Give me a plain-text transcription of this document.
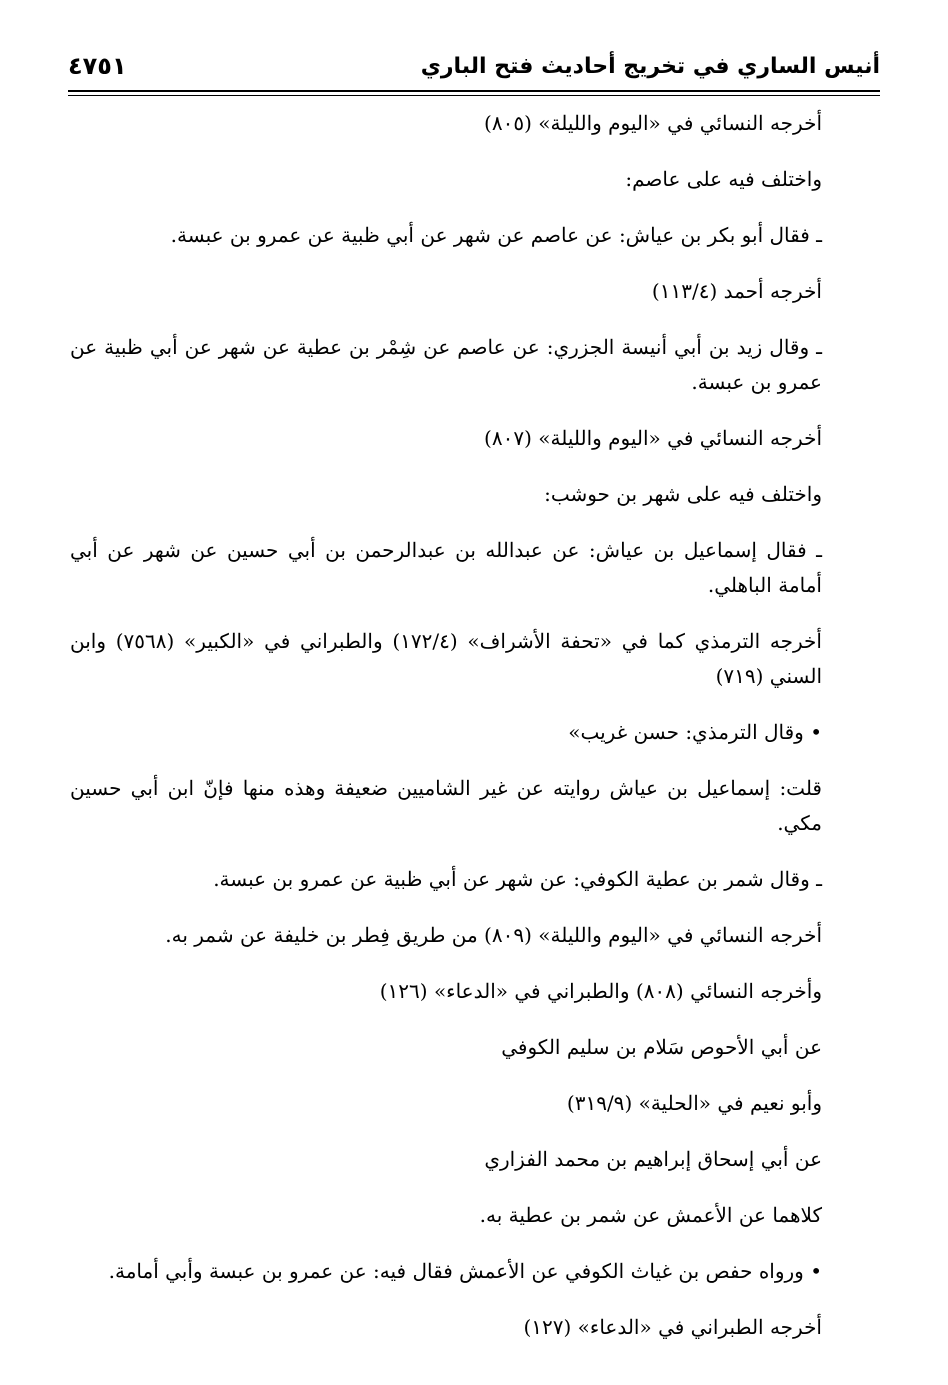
أنيس الساري في تخريج أحاديث فتح الباري
٤٧٥١

أخرجه النسائي في «اليوم والليلة» (٨٠٥)

واختلف فيه على عاصم:

ـ فقال أبو بكر بن عياش: عن عاصم عن شهر عن أبي ظبية عن عمرو بن عبسة.

أخرجه أحمد (١١٣/٤)

ـ وقال زيد بن أبي أنيسة الجزري: عن عاصم عن شِمْر بن عطية عن شهر عن أبي ظبية عن عمرو بن عبسة.

أخرجه النسائي في «اليوم والليلة» (٨٠٧)

واختلف فيه على شهر بن حوشب:

ـ فقال إسماعيل بن عياش: عن عبدالله بن عبدالرحمن بن أبي حسين عن شهر عن أبي أمامة الباهلي.

أخرجه الترمذي كما في «تحفة الأشراف» (١٧٢/٤) والطبراني في «الكبير» (٧٥٦٨) وابن السني (٧١٩)

• وقال الترمذي: حسن غريب»

قلت: إسماعيل بن عياش روايته عن غير الشاميين ضعيفة وهذه منها فإنّ ابن أبي حسين مكي.

ـ وقال شمر بن عطية الكوفي: عن شهر عن أبي ظبية عن عمرو بن عبسة.

أخرجه النسائي في «اليوم والليلة» (٨٠٩) من طريق فِطر بن خليفة عن شمر به.

وأخرجه النسائي (٨٠٨) والطبراني في «الدعاء» (١٢٦)

عن أبي الأحوص سَلام بن سليم الكوفي

وأبو نعيم في «الحلية» (٣١٩/٩)

عن أبي إسحاق إبراهيم بن محمد الفزاري

كلاهما عن الأعمش عن شمر بن عطية به.

• ورواه حفص بن غياث الكوفي عن الأعمش فقال فيه: عن عمرو بن عبسة وأبي أمامة.

أخرجه الطبراني في «الدعاء» (١٢٧)
